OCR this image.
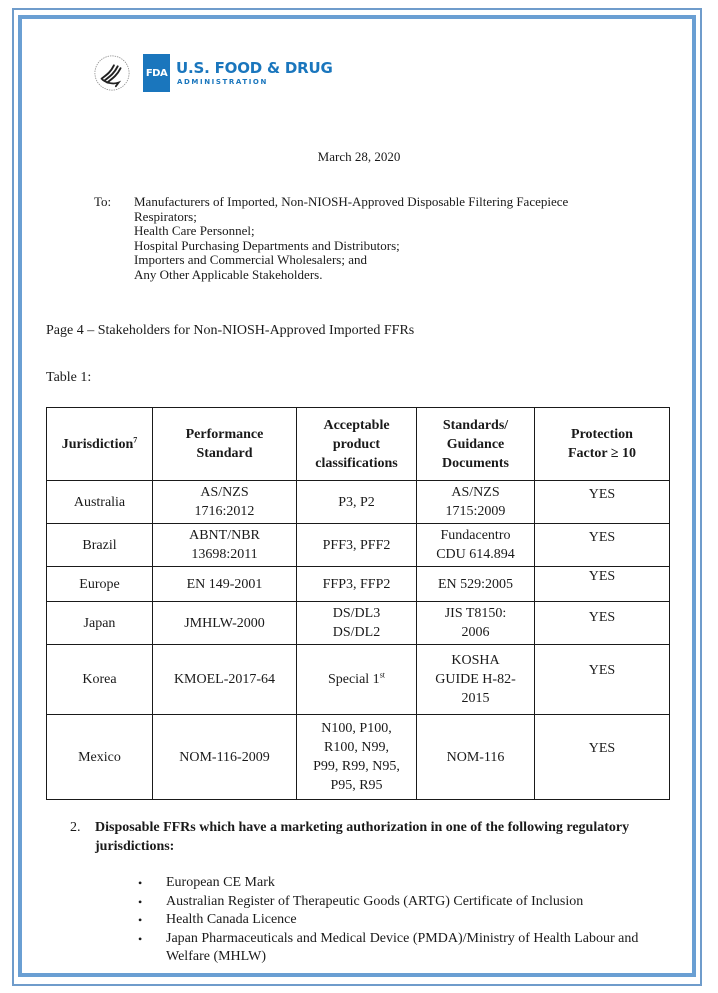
FDA U.S. FOOD & DRUG
ADMINISTRATION
March 28, 2020
To: Manufacturers of Imported, Non-NIOSH-Approved Disposable Filtering Facepiece
Respirators;
Health Care Personnel;
Hospital Purchasing Departments and Distributors;
Importers and Commercial Wholesalers; and
Any Other Applicable Stakeholders.
Page 4 – Stakeholders for Non-NIOSH-Approved Imported FFRs
Table 1:
Jurisdiction$^7$	Performance
Standard	Acceptable
product
classifications	Standards/
Guidance
Documents	Protection
Factor ≥ 10
Australia	AS/NZS
1716:2012	P3, P2	AS/NZS
1715:2009	YES
Brazil	ABNT/NBR
13698:2011	PFF3, PFF2	Fundacentro
CDU 614.894	YES
Europe	EN 149-2001	FFP3, FFP2	EN 529:2005	YES
Japan	JMHLW-2000	DS/DL3
DS/DL2	JIS T8150:
2006	YES
Korea	KMOEL-2017-64	Special 1st	KOSHA
GUIDE H-82-
2015	YES
Mexico	NOM-116-2009	N100, P100,
R100, N99,
P99, R99, N95,
P95, R95	NOM-116	YES
2. Disposable FFRs which have a marketing authorization in one of the following regulatory jurisdictions:
•	European CE Mark
•	Australian Register of Therapeutic Goods (ARTG) Certificate of Inclusion
•	Health Canada Licence
•	Japan Pharmaceuticals and Medical Device (PMDA)/Ministry of Health Labour and Welfare (MHLW)
